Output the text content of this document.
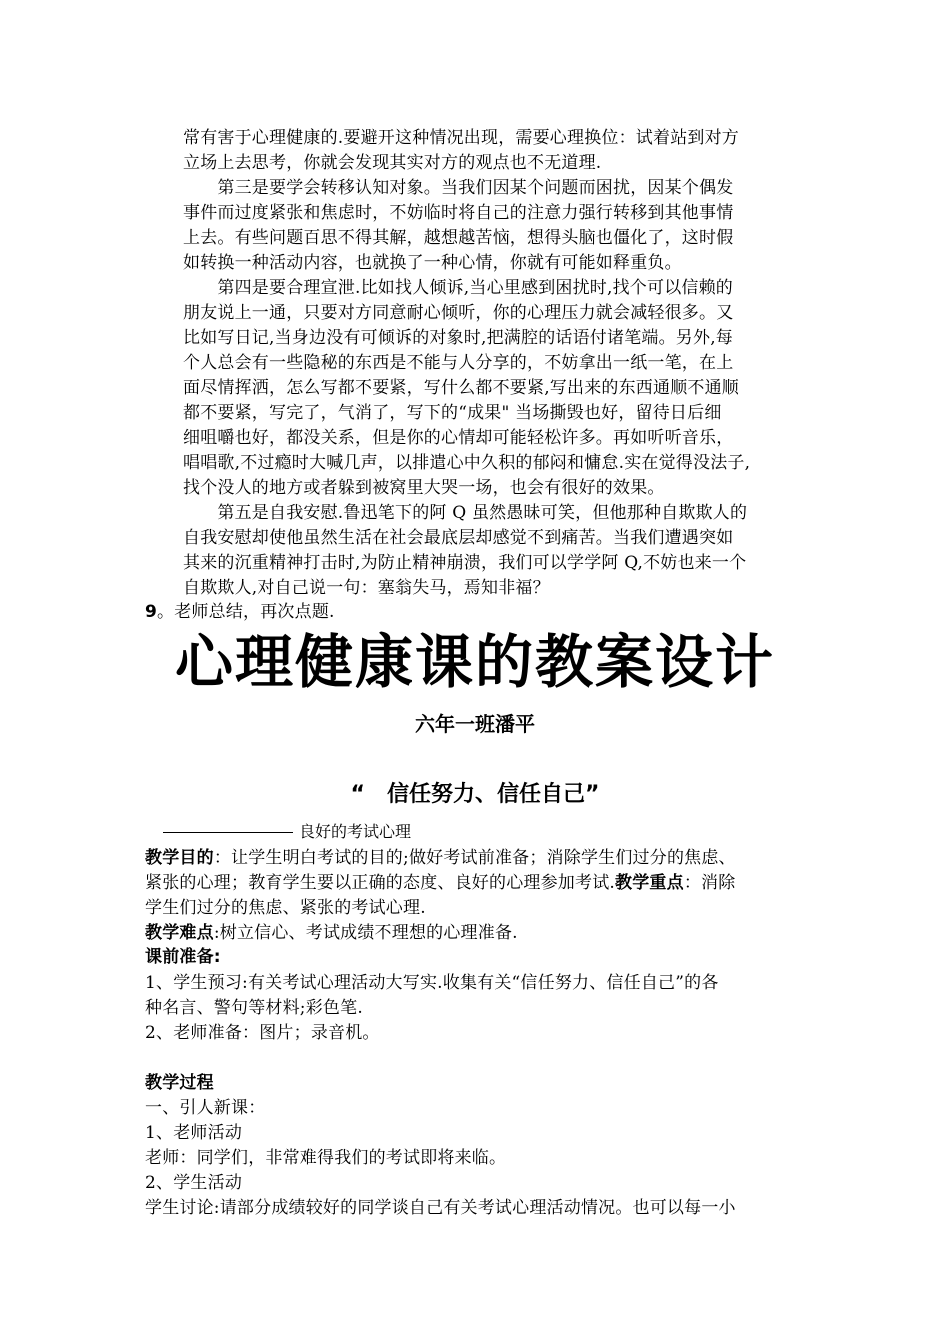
常有害于心理健康的.要避开这种情况出现，需要心理换位：试着站到对方
立场上去思考，你就会发现其实对方的观点也不无道理.
　　第三是要学会转移认知对象。当我们因某个问题而困扰，因某个偶发
事件而过度紧张和焦虑时，不妨临时将自己的注意力强行转移到其他事情
上去。有些问题百思不得其解，越想越苦恼，想得头脑也僵化了，这时假
如转换一种活动内容，也就换了一种心情，你就有可能如释重负。
　　第四是要合理宣泄.比如找人倾诉,当心里感到困扰时,找个可以信赖的
朋友说上一通，只要对方同意耐心倾听，你的心理压力就会减轻很多。又
比如写日记,当身边没有可倾诉的对象时,把满腔的话语付诸笔端。另外,每
个人总会有一些隐秘的东西是不能与人分享的，不妨拿出一纸一笔，在上
面尽情挥洒，怎么写都不要紧，写什么都不要紧,写出来的东西通顺不通顺
都不要紧，写完了，气消了，写下的“成果" 当场撕毁也好，留待日后细
细咀嚼也好，都没关系，但是你的心情却可能轻松许多。再如听听音乐，
唱唱歌,不过瘾时大喊几声，以排遣心中久积的郁闷和慵怠.实在觉得没法子,
找个没人的地方或者躲到被窝里大哭一场，也会有很好的效果。
　　第五是自我安慰.鲁迅笔下的阿 Q 虽然愚昧可笑，但他那种自欺欺人的
自我安慰却使他虽然生活在社会最底层却感觉不到痛苦。当我们遭遇突如
其来的沉重精神打击时,为防止精神崩溃，我们可以学学阿 Q,不妨也来一个
自欺欺人,对自己说一句：塞翁失马，焉知非福？
9。老师总结，再次点题.
心理健康课的教案设计
六年一班潘平
“　信任努力、信任自己”
良好的考试心理
教学目的：让学生明白考试的目的;做好考试前准备；消除学生们过分的焦虑、
紧张的心理；教育学生要以正确的态度、良好的心理参加考试.教学重点：消除
学生们过分的焦虑、紧张的考试心理.
教学难点:树立信心、考试成绩不理想的心理准备.
课前准备:
1、学生预习:有关考试心理活动大写实.收集有关“信任努力、信任自己”的各
种名言、警句等材料;彩色笔.
2、老师准备：图片；录音机。
教学过程
一、引人新课：
1、老师活动
老师：同学们，非常难得我们的考试即将来临。
2、学生活动
学生讨论:请部分成绩较好的同学谈自己有关考试心理活动情况。也可以每一小
